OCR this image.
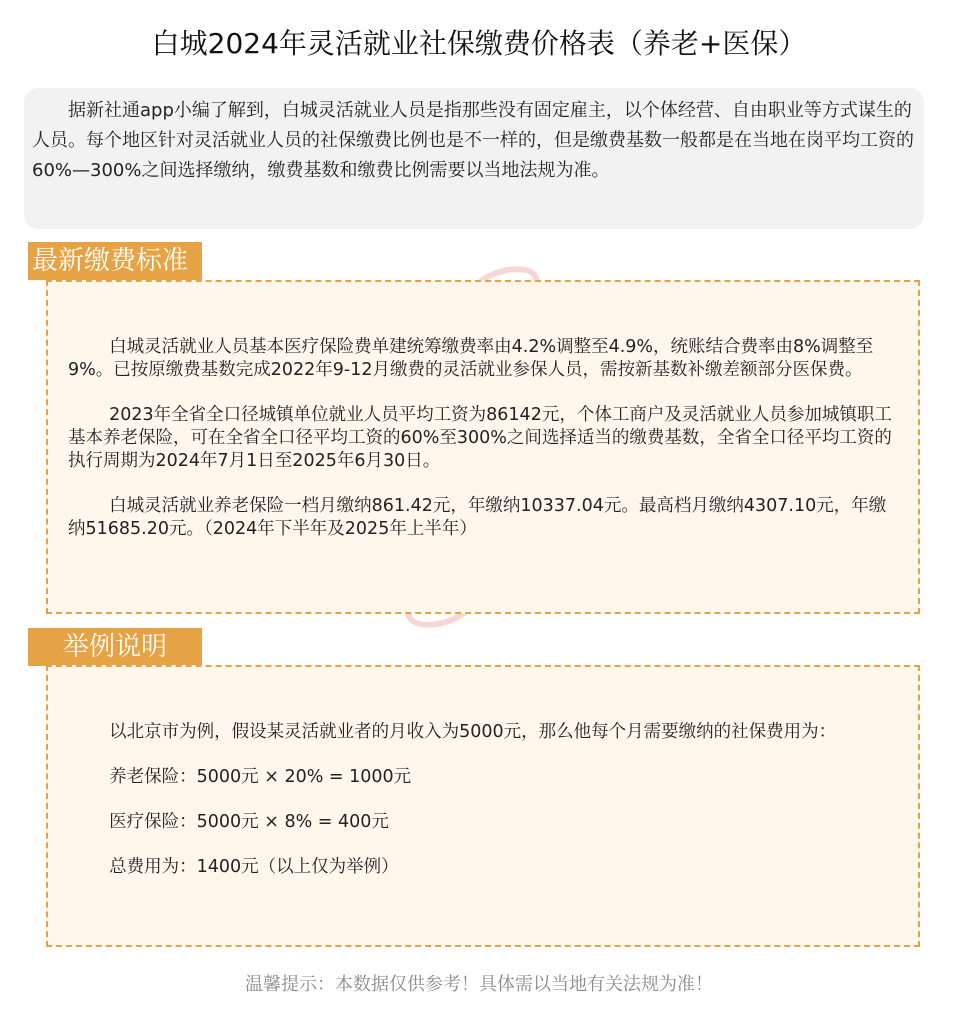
白城2024年灵活就业社保缴费价格表（养老+医保）
据新社通app小编了解到，白城灵活就业人员是指那些没有固定雇主，以个体经营、自由职业等方式谋生的人员。每个地区针对灵活就业人员的社保缴费比例也是不一样的，但是缴费基数一般都是在当地在岗平均工资的60%—300%之间选择缴纳，缴费基数和缴费比例需要以当地法规为准。
最新缴费标准

白城灵活就业人员基本医疗保险费单建统筹缴费率由4.2%调整至4.9%，统账结合费率由8%调整至9%。已按原缴费基数完成2022年9-12月缴费的灵活就业参保人员，需按新基数补缴差额部分医保费。

2023年全省全口径城镇单位就业人员平均工资为86142元，个体工商户及灵活就业人员参加城镇职工基本养老保险，可在全省全口径平均工资的60%至300%之间选择适当的缴费基数，全省全口径平均工资的执行周期为2024年7月1日至2025年6月30日。

白城灵活就业养老保险一档月缴纳861.42元，年缴纳10337.04元。最高档月缴纳4307.10元，年缴纳51685.20元。（2024年下半年及2025年上半年）

举例说明

以北京市为例，假设某灵活就业者的月收入为5000元，那么他每个月需要缴纳的社保费用为：

养老保险：5000元 × 20% = 1000元

医疗保险：5000元 × 8% = 400元

总费用为：1400元（以上仅为举例）

温馨提示：本数据仅供参考！具体需以当地有关法规为准！
